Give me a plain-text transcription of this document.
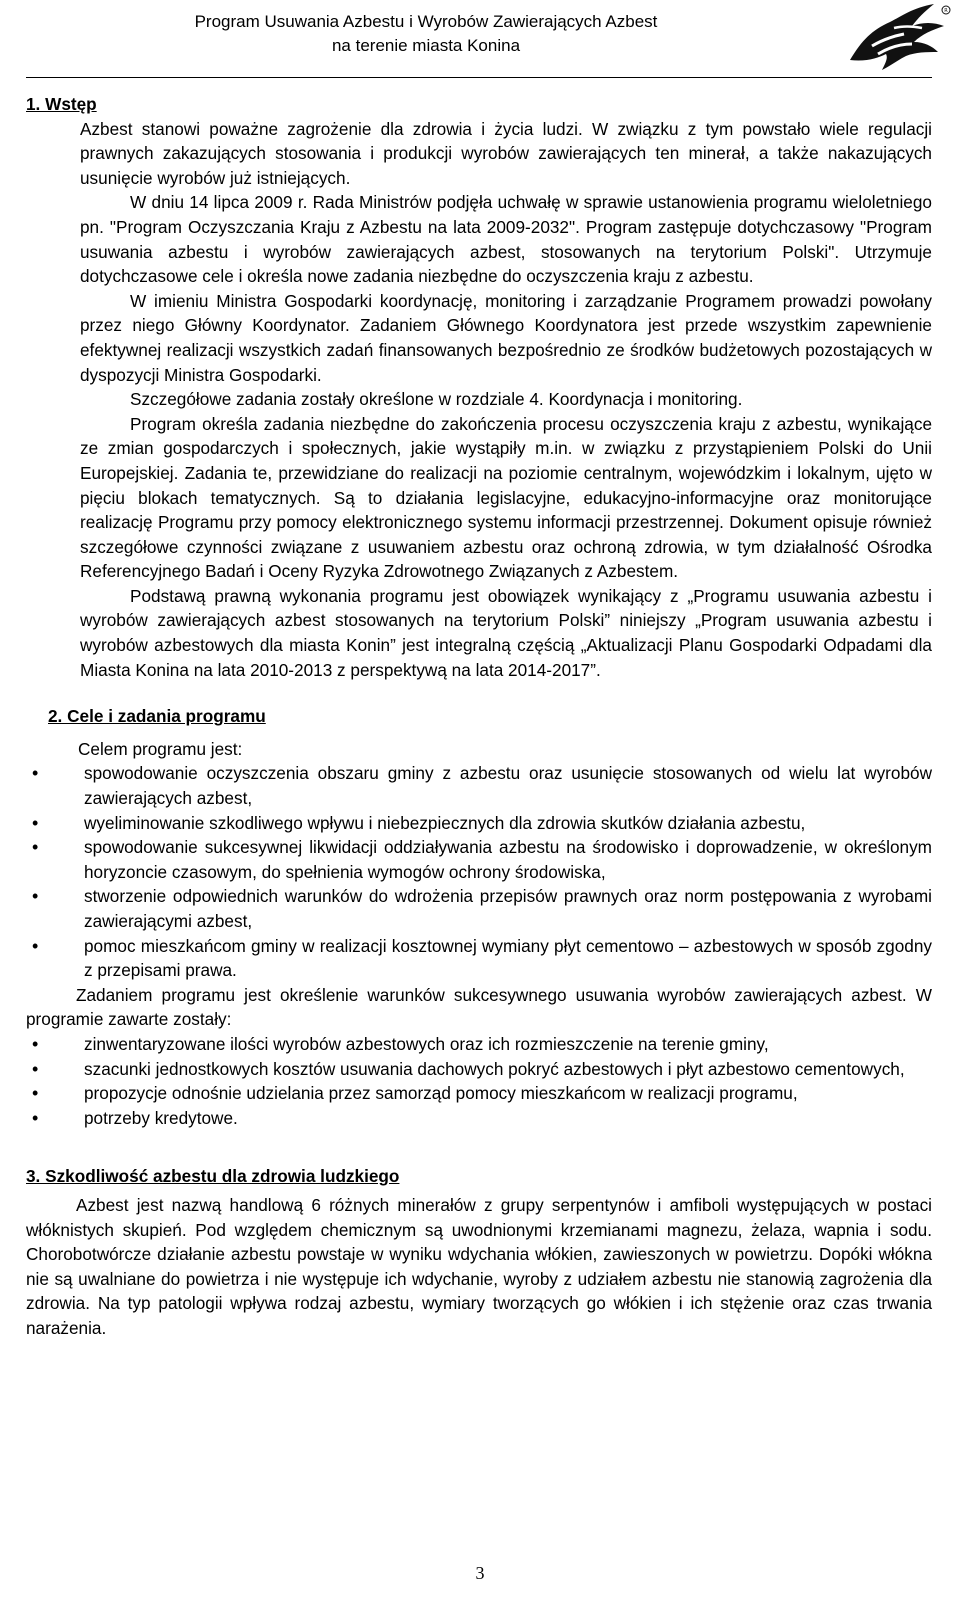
Program Usuwania Azbestu i Wyrobów Zawierających Azbest
na terenie miasta Konina
R
1. Wstęp

Azbest stanowi poważne zagrożenie dla zdrowia i życia ludzi. W związku z tym powstało wiele regulacji prawnych zakazujących stosowania i produkcji wyrobów zawierających ten minerał, a także nakazujących usunięcie wyrobów już istniejących.

W dniu 14 lipca 2009 r. Rada Ministrów podjęła uchwałę w sprawie ustanowienia programu wieloletniego pn. "Program Oczyszczania Kraju z Azbestu na lata 2009-2032". Program zastępuje dotychczasowy "Program usuwania azbestu i wyrobów zawierających azbest, stosowanych na terytorium Polski". Utrzymuje dotychczasowe cele i określa nowe zadania niezbędne do oczyszczenia kraju z azbestu.

W imieniu Ministra Gospodarki koordynację, monitoring i zarządzanie Programem prowadzi powołany przez niego Główny Koordynator. Zadaniem Głównego Koordynatora jest przede wszystkim zapewnienie efektywnej realizacji wszystkich zadań finansowanych bezpośrednio ze środków budżetowych pozostających w dyspozycji Ministra Gospodarki.

Szczegółowe zadania zostały określone w rozdziale 4. Koordynacja i monitoring.

Program określa zadania niezbędne do zakończenia procesu oczyszczenia kraju z azbestu, wynikające ze zmian gospodarczych i społecznych, jakie wystąpiły m.in. w związku z przystąpieniem Polski do Unii Europejskiej. Zadania te, przewidziane do realizacji na poziomie centralnym, wojewódzkim i lokalnym, ujęto w pięciu blokach tematycznych. Są to działania legislacyjne, edukacyjno-informacyjne oraz monitorujące realizację Programu przy pomocy elektronicznego systemu informacji przestrzennej. Dokument opisuje również szczegółowe czynności związane z usuwaniem azbestu oraz ochroną zdrowia, w tym działalność Ośrodka Referencyjnego Badań i Oceny Ryzyka Zdrowotnego Związanych z Azbestem.

Podstawą prawną wykonania programu jest obowiązek wynikający z „Programu usuwania azbestu i wyrobów zawierających azbest stosowanych na terytorium Polski” niniejszy „Program usuwania azbestu i wyrobów azbestowych dla miasta Konin” jest integralną częścią „Aktualizacji Planu Gospodarki Odpadami dla Miasta Konina na lata 2010-2013 z perspektywą na lata 2014-2017”.

2. Cele i zadania programu

Celem programu jest:

• spowodowanie oczyszczenia obszaru gminy z azbestu oraz usunięcie stosowanych od wielu lat wyrobów zawierających azbest,
• wyeliminowanie szkodliwego wpływu i niebezpiecznych dla zdrowia skutków działania azbestu,
• spowodowanie sukcesywnej likwidacji oddziaływania azbestu na środowisko i doprowadzenie, w określonym horyzoncie czasowym, do spełnienia wymogów ochrony środowiska,
• stworzenie odpowiednich warunków do wdrożenia przepisów prawnych oraz norm postępowania z wyrobami zawierającymi azbest,
• pomoc mieszkańcom gminy w realizacji kosztownej wymiany płyt cementowo – azbestowych w sposób zgodny z przepisami prawa.

Zadaniem programu jest określenie warunków sukcesywnego usuwania wyrobów zawierających azbest. W programie zawarte zostały:

• zinwentaryzowane ilości wyrobów azbestowych oraz ich rozmieszczenie na terenie gminy,
• szacunki jednostkowych kosztów usuwania dachowych pokryć azbestowych i płyt azbestowo cementowych,
• propozycje odnośnie udzielania przez samorząd pomocy mieszkańcom w realizacji programu,
• potrzeby kredytowe.
3. Szkodliwość azbestu dla zdrowia ludzkiego

Azbest jest nazwą handlową 6 różnych minerałów z grupy serpentynów i amfiboli występujących w postaci włóknistych skupień. Pod względem chemicznym są uwodnionymi krzemianami magnezu, żelaza, wapnia i sodu. Chorobotwórcze działanie azbestu powstaje w wyniku wdychania włókien, zawieszonych w powietrzu. Dopóki włókna nie są uwalniane do powietrza i nie występuje ich wdychanie, wyroby z udziałem azbestu nie stanowią zagrożenia dla zdrowia. Na typ patologii wpływa rodzaj azbestu, wymiary tworzących go włókien i ich stężenie oraz czas trwania narażenia.

3
